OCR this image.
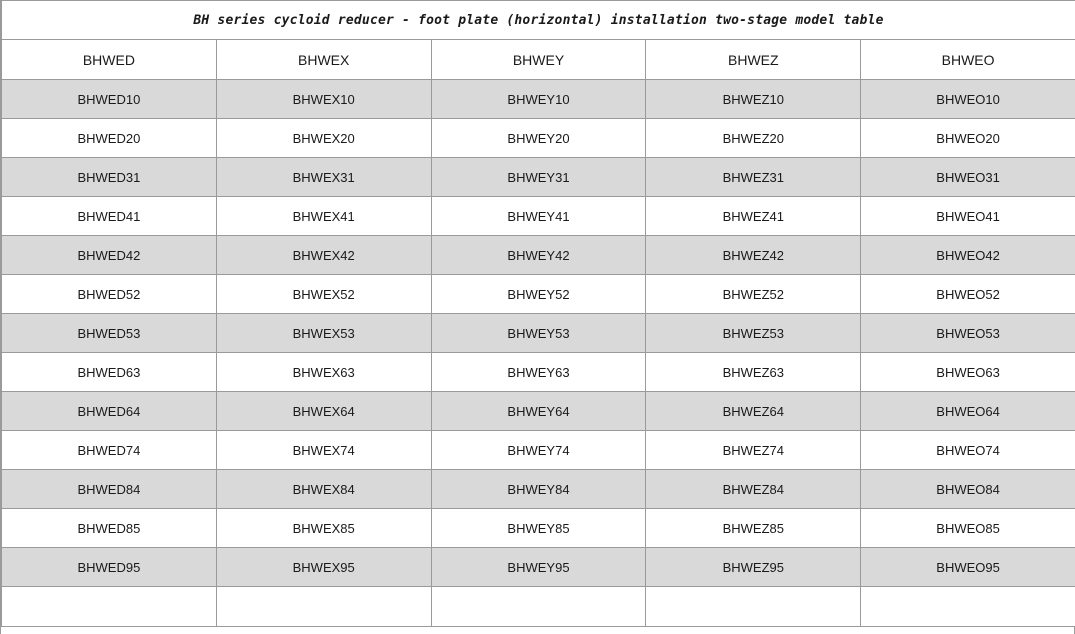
BH series cycloid reducer - foot plate (horizontal) installation two-stage model table				
BHWED	BHWEX	BHWEY	BHWEZ	BHWEO
BHWED10	BHWEX10	BHWEY10	BHWEZ10	BHWEO10
BHWED20	BHWEX20	BHWEY20	BHWEZ20	BHWEO20
BHWED31	BHWEX31	BHWEY31	BHWEZ31	BHWEO31
BHWED41	BHWEX41	BHWEY41	BHWEZ41	BHWEO41
BHWED42	BHWEX42	BHWEY42	BHWEZ42	BHWEO42
BHWED52	BHWEX52	BHWEY52	BHWEZ52	BHWEO52
BHWED53	BHWEX53	BHWEY53	BHWEZ53	BHWEO53
BHWED63	BHWEX63	BHWEY63	BHWEZ63	BHWEO63
BHWED64	BHWEX64	BHWEY64	BHWEZ64	BHWEO64
BHWED74	BHWEX74	BHWEY74	BHWEZ74	BHWEO74
BHWED84	BHWEX84	BHWEY84	BHWEZ84	BHWEO84
BHWED85	BHWEX85	BHWEY85	BHWEZ85	BHWEO85
BHWED95	BHWEX95	BHWEY95	BHWEZ95	BHWEO95
